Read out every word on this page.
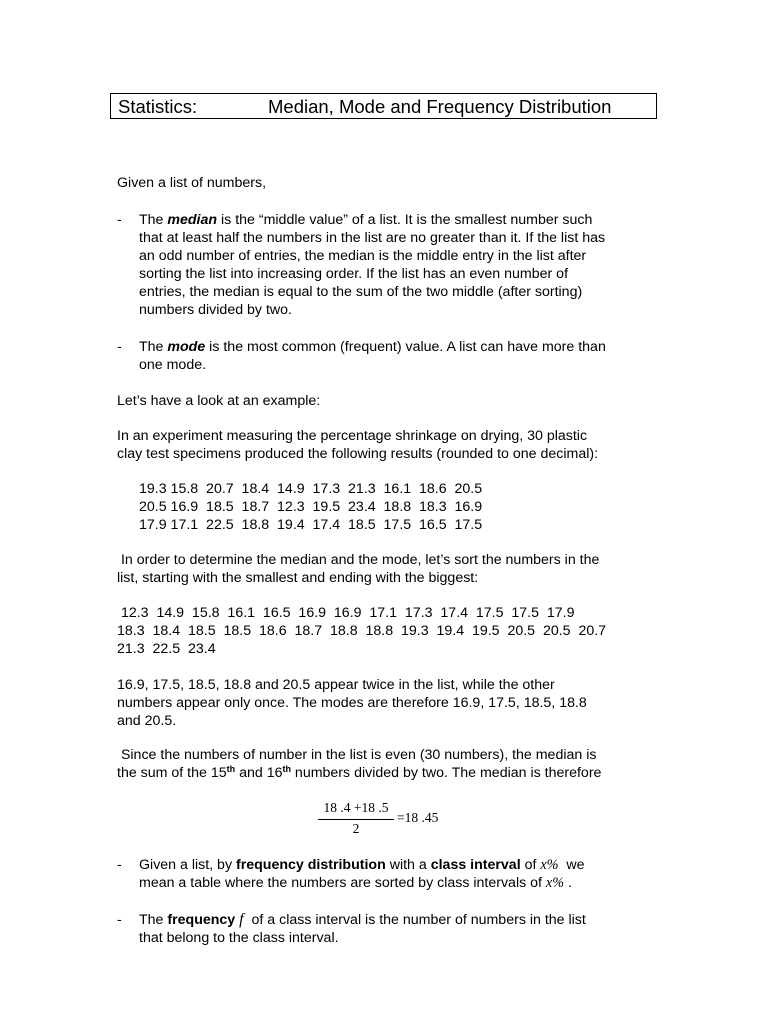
Statistics:	Median, Mode and Frequency Distribution
Given a list of numbers,
-	The median is the “middle value” of a list. It is the smallest number such
that at least half the numbers in the list are no greater than it. If the list has
an odd number of entries, the median is the middle entry in the list after
sorting the list into increasing order. If the list has an even number of
entries, the median is equal to the sum of the two middle (after sorting)
numbers divided by two.
-	The mode is the most common (frequent) value. A list can have more than
one mode.
Let’s have a look at an example:
In an experiment measuring the percentage shrinkage on drying, 30 plastic
clay test specimens produced the following results (rounded to one decimal):
19.3 15.8  20.7  18.4  14.9  17.3  21.3  16.1  18.6  20.5
20.5 16.9  18.5  18.7  12.3  19.5  23.4  18.8  18.3  16.9
17.9 17.1  22.5  18.8  19.4  17.4  18.5  17.5  16.5  17.5
In order to determine the median and the mode, let’s sort the numbers in the
list, starting with the smallest and ending with the biggest:
12.3  14.9  15.8  16.1  16.5  16.9  16.9  17.1  17.3  17.4  17.5  17.5  17.9
18.3  18.4  18.5  18.5  18.6  18.7  18.8  18.8  19.3  19.4  19.5  20.5  20.5  20.7
21.3  22.5  23.4
16.9, 17.5, 18.5, 18.8 and 20.5 appear twice in the list, while the other
numbers appear only once. The modes are therefore 16.9, 17.5, 18.5, 18.8
and 20.5.
Since the numbers of number in the list is even (30 numbers), the median is
the sum of the 15th and 16th numbers divided by two. The median is therefore
18 .4 +18 .5
2
=18 .45
-	Given a list, by frequency distribution with a class interval of x%  we
mean a table where the numbers are sorted by class intervals of x% .
-	The frequency f  of a class interval is the number of numbers in the list
that belong to the class interval.
